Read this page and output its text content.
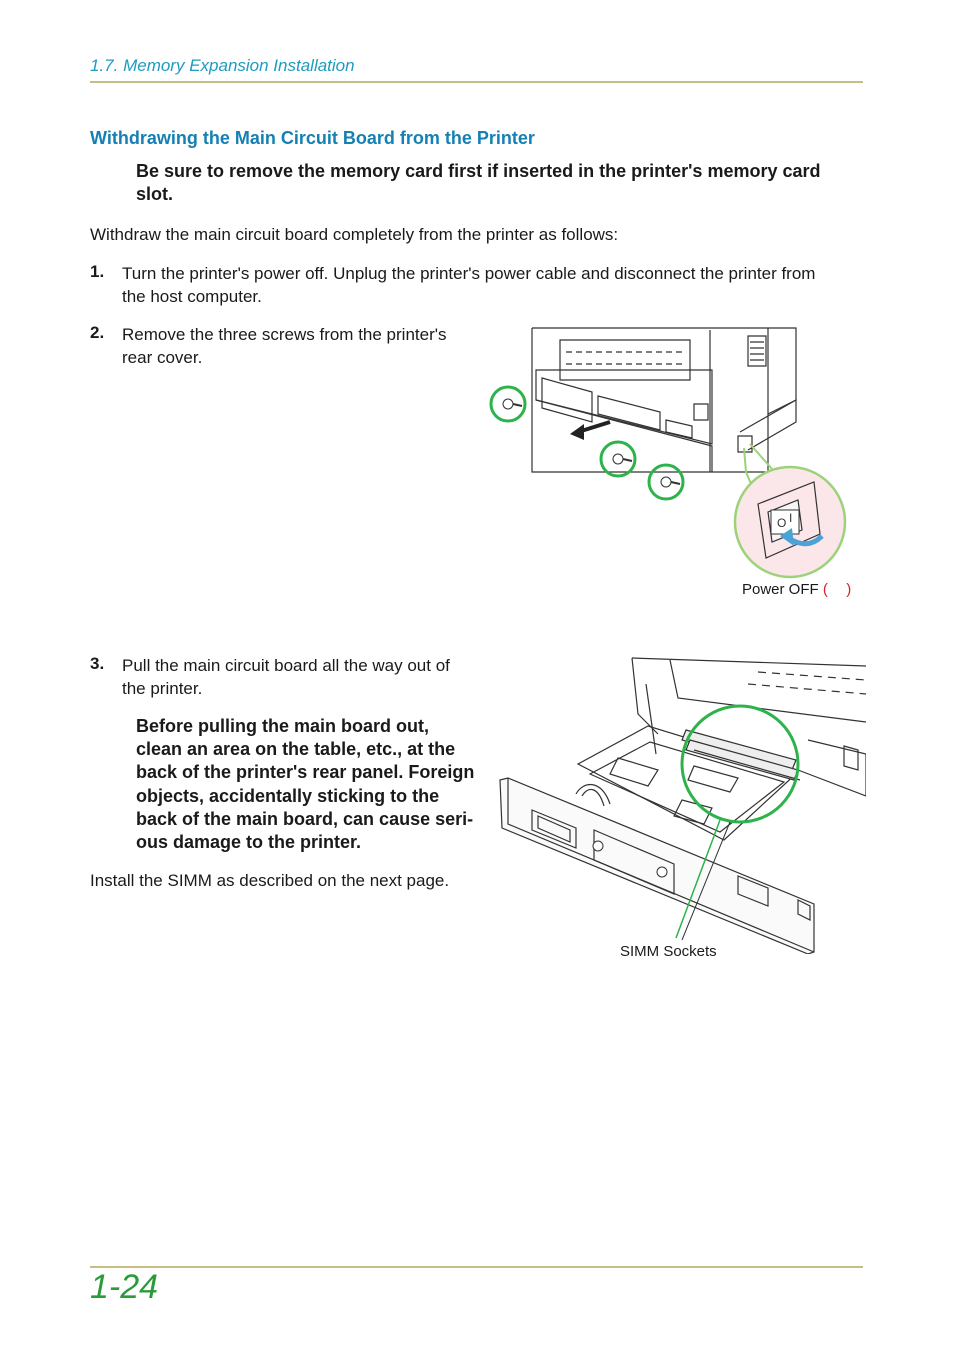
1.7. Memory Expansion Installation
Withdrawing the Main Circuit Board from the Printer
Be sure to remove the memory card first if inserted in the printer's memory card slot.
Withdraw the main circuit board completely from the printer as follows:
1. Turn the printer's power off. Unplug the printer's power cable and disconnect the printer from
the host computer.
2. Remove the three screws from the printer's
rear cover.
O I
Power OFF ( )
3. Pull the main circuit board all the way out of
the printer.
Before pulling the main board out,
clean an area on the table, etc., at the
back of the printer's rear panel. Foreign
objects, accidentally sticking to the
back of the main board, can cause seri-
ous damage to the printer.
Install the SIMM as described on the next page.
SIMM Sockets
1-24
